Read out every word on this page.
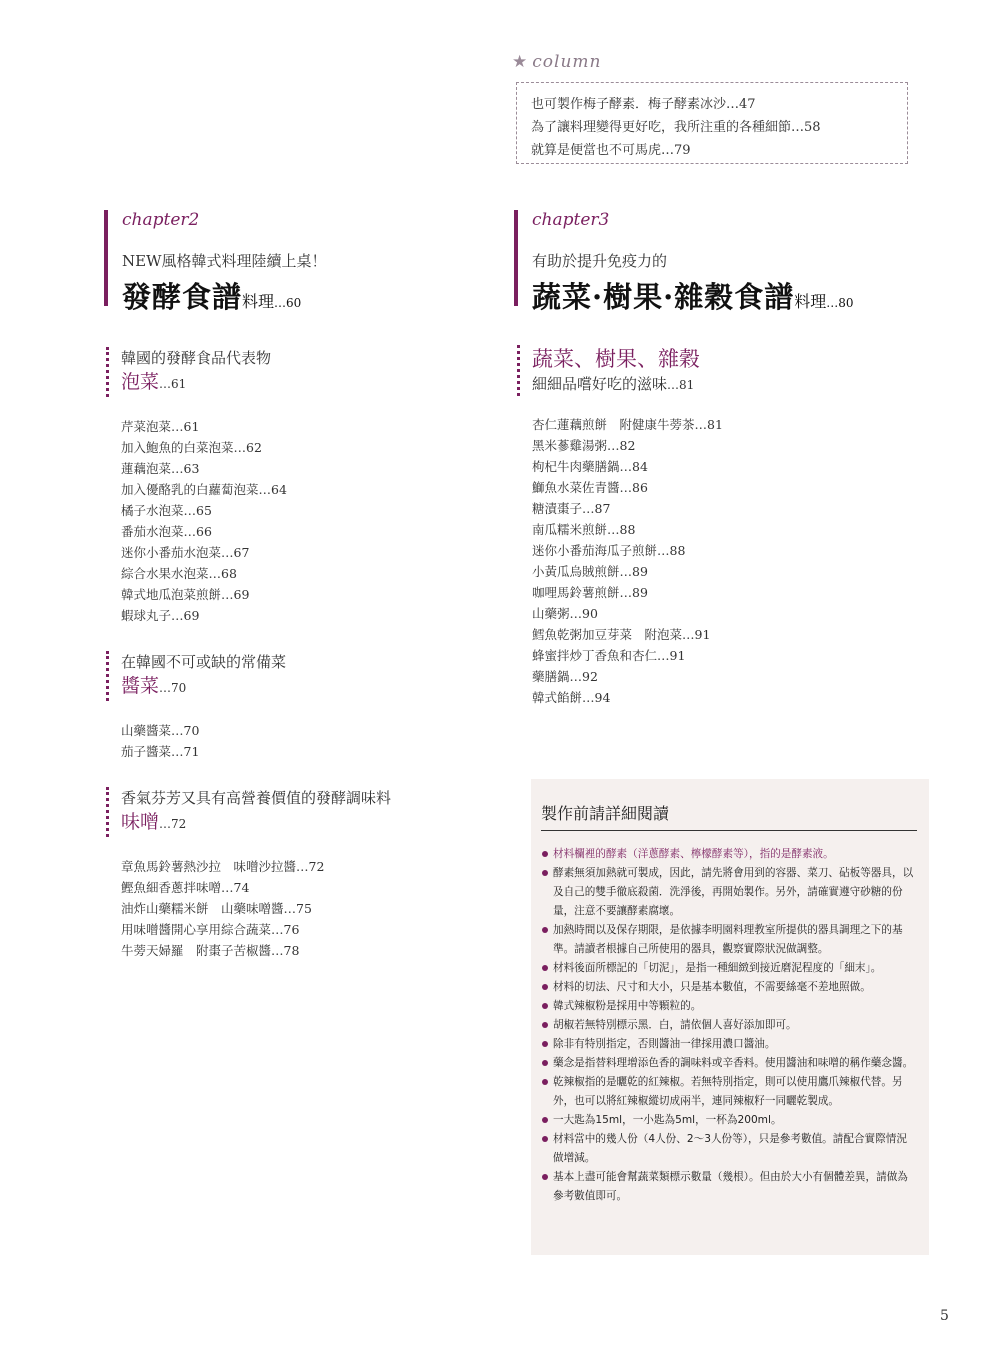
★ column
也可製作梅子酵素．梅子酵素冰沙…47
為了讓料理變得更好吃，我所注重的各種細節…58
就算是便當也不可馬虎…79
chapter2
NEW風格韓式料理陸續上桌！
發酵食譜料理…60
chapter3
有助於提升免疫力的
蔬菜·樹果·雜穀食譜料理…80
韓國的發酵食品代表物
泡菜…61
芹菜泡菜…61
加入鮑魚的白菜泡菜…62
蓮藕泡菜…63
加入優酪乳的白蘿蔔泡菜…64
橘子水泡菜…65
番茄水泡菜…66
迷你小番茄水泡菜…67
綜合水果水泡菜…68
韓式地瓜泡菜煎餅…69
蝦球丸子…69
在韓國不可或缺的常備菜
醬菜…70
山藥醬菜…70
茄子醬菜…71
香氣芬芳又具有高營養價值的發酵調味料
味噌…72
章魚馬鈴薯熱沙拉　味噌沙拉醬…72
鰹魚細香蔥拌味噌…74
油炸山藥糯米餅　山藥味噌醬…75
用味噌醬開心享用綜合蔬菜…76
牛蒡天婦羅　附棗子苦椒醬…78
蔬菜、樹果、雜穀
細細品嚐好吃的滋味…81
杏仁蓮藕煎餅　附健康牛蒡茶…81
黑米蔘雞湯粥…82
枸杞牛肉藥膳鍋…84
鰤魚水菜佐青醬…86
糖漬棗子…87
南瓜糯米煎餅…88
迷你小番茄海瓜子煎餅…88
小黃瓜烏賊煎餅…89
咖哩馬鈴薯煎餅…89
山藥粥…90
鱈魚乾粥加豆芽菜　附泡菜…91
蜂蜜拌炒丁香魚和杏仁…91
藥膳鍋…92
韓式餡餅…94
製作前請詳細閱讀
材料欄裡的酵素（洋蔥酵素、檸檬酵素等），指的是酵素液。
酵素無須加熱就可製成，因此，請先將會用到的容器、菜刀、砧板等器具，以及自己的雙手徹底殺菌．洗淨後，再開始製作。另外，請確實遵守砂糖的份量，注意不要讓酵素腐壞。
加熱時間以及保存期限，是依據李明園料理教室所提供的器具調理之下的基準。請讀者根據自己所使用的器具，觀察實際狀況做調整。
材料後面所標記的「切泥」，是指一種細緻到接近磨泥程度的「細末」。
材料的切法、尺寸和大小，只是基本數值，不需要絲毫不差地照做。
韓式辣椒粉是採用中等顆粒的。
胡椒若無特別標示黑．白，請依個人喜好添加即可。
除非有特別指定，否則醬油一律採用濃口醬油。
藥念是指替料理增添色香的調味料或辛香料。使用醬油和味噌的稱作藥念醬。
乾辣椒指的是曬乾的紅辣椒。若無特別指定，則可以使用鷹爪辣椒代替。另外，也可以將紅辣椒縱切成兩半，連同辣椒籽一同曬乾製成。
一大匙為15ml，一小匙為5ml，一杯為200ml。
材料當中的幾人份（4人份、2～3人份等），只是參考數值。請配合實際情況做增減。
基本上盡可能會幫蔬菜類標示數量（幾根）。但由於大小有個體差異，請做為參考數值即可。
5
